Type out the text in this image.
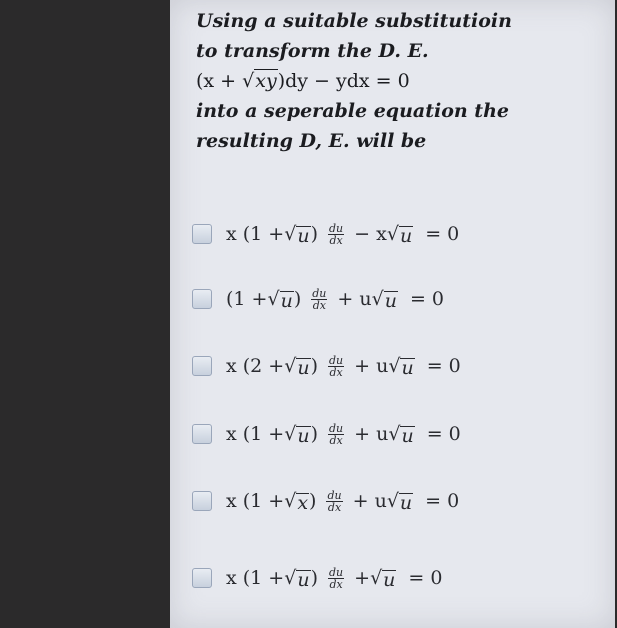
Using a suitable substitutioin
to transform the D. E.
(x + √xy)dy − ydx = 0
into a seperable equation the
resulting D, E. will be
x (1 + √ u ) $\frac{du}{dx} - x$ √ u = 0
(1 + √ u ) $\frac{du}{dx} + u$ √ u = 0
x (2 + √ u ) $\frac{du}{dx} + u$ √ u = 0
x (1 + √ u ) $\frac{du}{dx} + u$ √ u = 0
x (1 + √ x ) $\frac{du}{dx} + u$ √ u = 0
x (1 + √ u ) $\frac{du}{dx}$ + √ u = 0
